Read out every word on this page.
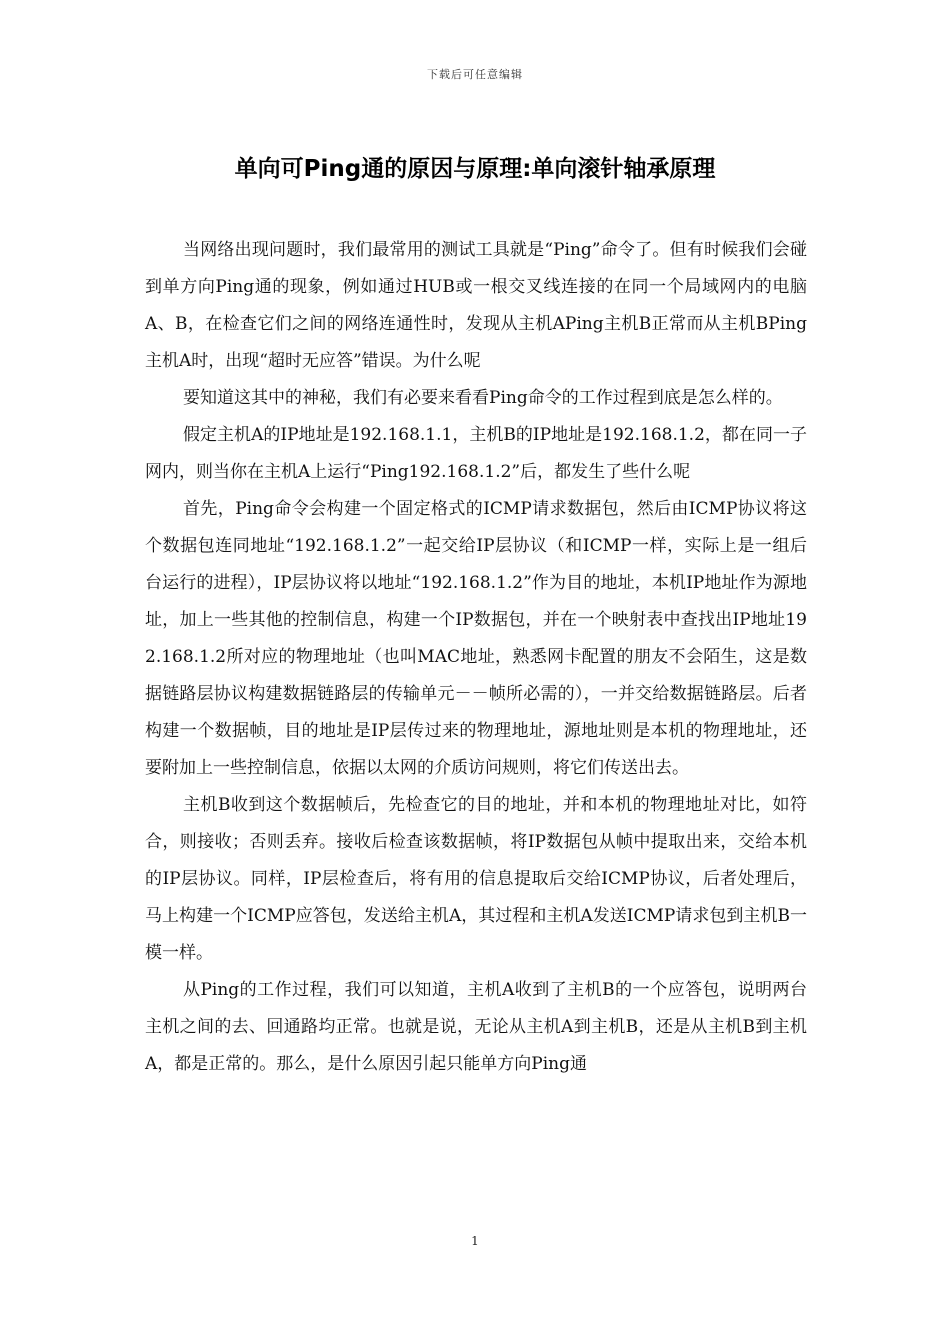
下载后可任意编辑
单向可Ping通的原因与原理:单向滚针轴承原理

当网络出现问题时，我们最常用的测试工具就是“Ping”命令了。但有时候我们会碰到单方向Ping通的现象，例如通过HUB或一根交叉线连接的在同一个局域网内的电脑A、B，在检查它们之间的网络连通性时，发现从主机APing主机B正常而从主机BPing主机A时，出现“超时无应答”错误。为什么呢

要知道这其中的神秘，我们有必要来看看Ping命令的工作过程到底是怎么样的。

假定主机A的IP地址是192.168.1.1，主机B的IP地址是192.168.1.2，都在同一子网内，则当你在主机A上运行“Ping192.168.1.2”后，都发生了些什么呢

首先，Ping命令会构建一个固定格式的ICMP请求数据包，然后由ICMP协议将这个数据包连同地址“192.168.1.2”一起交给IP层协议（和ICMP一样，实际上是一组后台运行的进程），IP层协议将以地址“192.168.1.2”作为目的地址，本机IP地址作为源地址，加上一些其他的控制信息，构建一个IP数据包，并在一个映射表中查找出IP地址192.168.1.2所对应的物理地址（也叫MAC地址，熟悉网卡配置的朋友不会陌生，这是数据链路层协议构建数据链路层的传输单元－－帧所必需的），一并交给数据链路层。后者构建一个数据帧，目的地址是IP层传过来的物理地址，源地址则是本机的物理地址，还要附加上一些控制信息，依据以太网的介质访问规则，将它们传送出去。

主机B收到这个数据帧后，先检查它的目的地址，并和本机的物理地址对比，如符合，则接收；否则丢弃。接收后检查该数据帧，将IP数据包从帧中提取出来，交给本机的IP层协议。同样，IP层检查后，将有用的信息提取后交给ICMP协议，后者处理后，马上构建一个ICMP应答包，发送给主机A，其过程和主机A发送ICMP请求包到主机B一模一样。

从Ping的工作过程，我们可以知道，主机A收到了主机B的一个应答包，说明两台主机之间的去、回通路均正常。也就是说，无论从主机A到主机B，还是从主机B到主机A，都是正常的。那么，是什么原因引起只能单方向Ping通

1
